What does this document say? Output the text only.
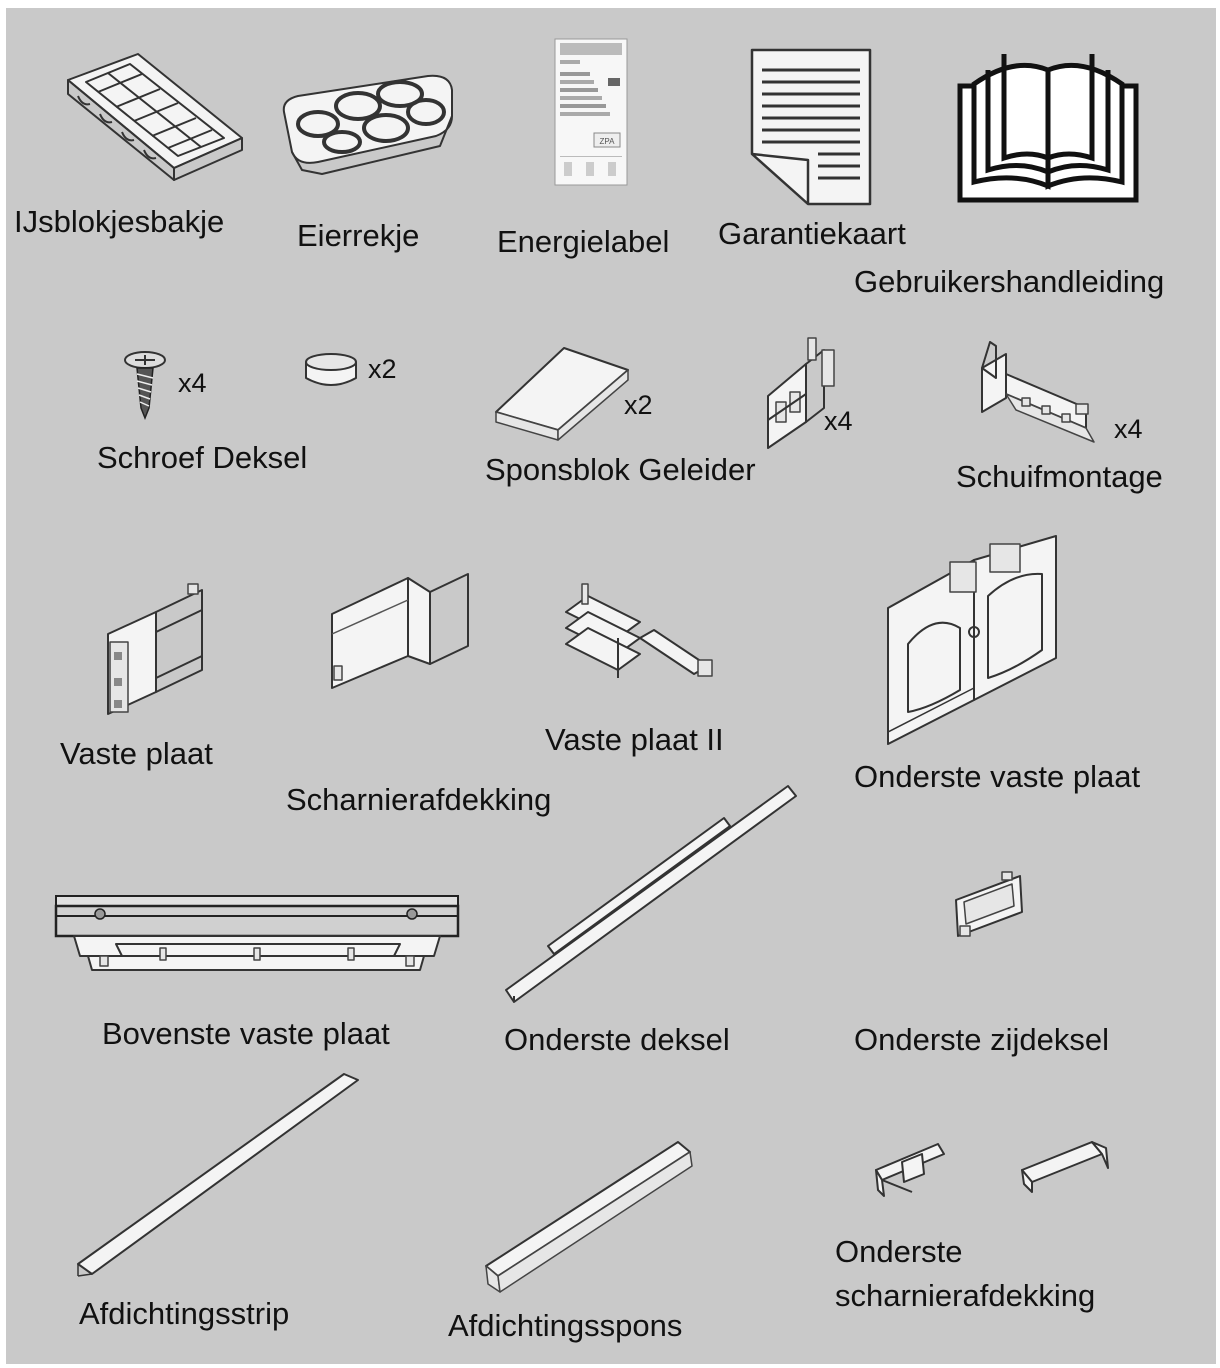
IJsblokjesbakje Eierrekje
ZPA
Energielabel Garantiekaart
Gebruikershandleiding
x4	x2
Schroef Deksel
x2
x4
Sponsblok Geleider
x4
Schuifmontage
Vaste plaat
Scharnierafdekking
Vaste plaat II
Onderste vaste plaat
Bovenste vaste plaat	Onderste deksel	Onderste zijdeksel
Afdichtingsstrip	Afdichtingsspons
Onderste
scharnierafdekking
